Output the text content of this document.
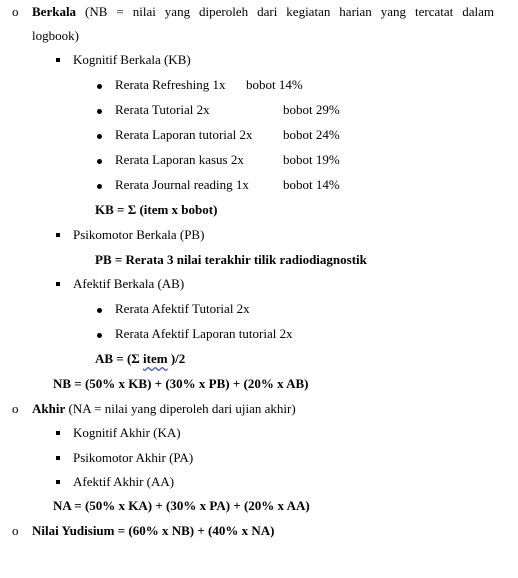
o Berkala (NB = nilai yang diperoleh dari kegiatan harian yang tercatat dalam
logbook)
Kognitif Berkala (KB)
Rerata Refreshing 1x bobot 14%
Rerata Tutorial 2x	bobot 29%
Rerata Laporan tutorial 2x bobot 24%
Rerata Laporan kasus 2x	bobot 19%
Rerata Journal reading 1x	bobot 14%
KB = Σ (item x bobot)
Psikomotor Berkala (PB)
PB = Rerata 3 nilai terakhir tilik radiodiagnostik
Afektif Berkala (AB)
Rerata Afektif Tutorial 2x
Rerata Afektif Laporan tutorial 2x
AB = (Σ item )/2
NB = (50% x KB) + (30% x PB) + (20% x AB)
o Akhir (NA = nilai yang diperoleh dari ujian akhir)
Kognitif Akhir (KA)
Psikomotor Akhir (PA)
Afektif Akhir (AA)
NA = (50% x KA) + (30% x PA) + (20% x AA)
o Nilai Yudisium = (60% x NB) + (40% x NA)
